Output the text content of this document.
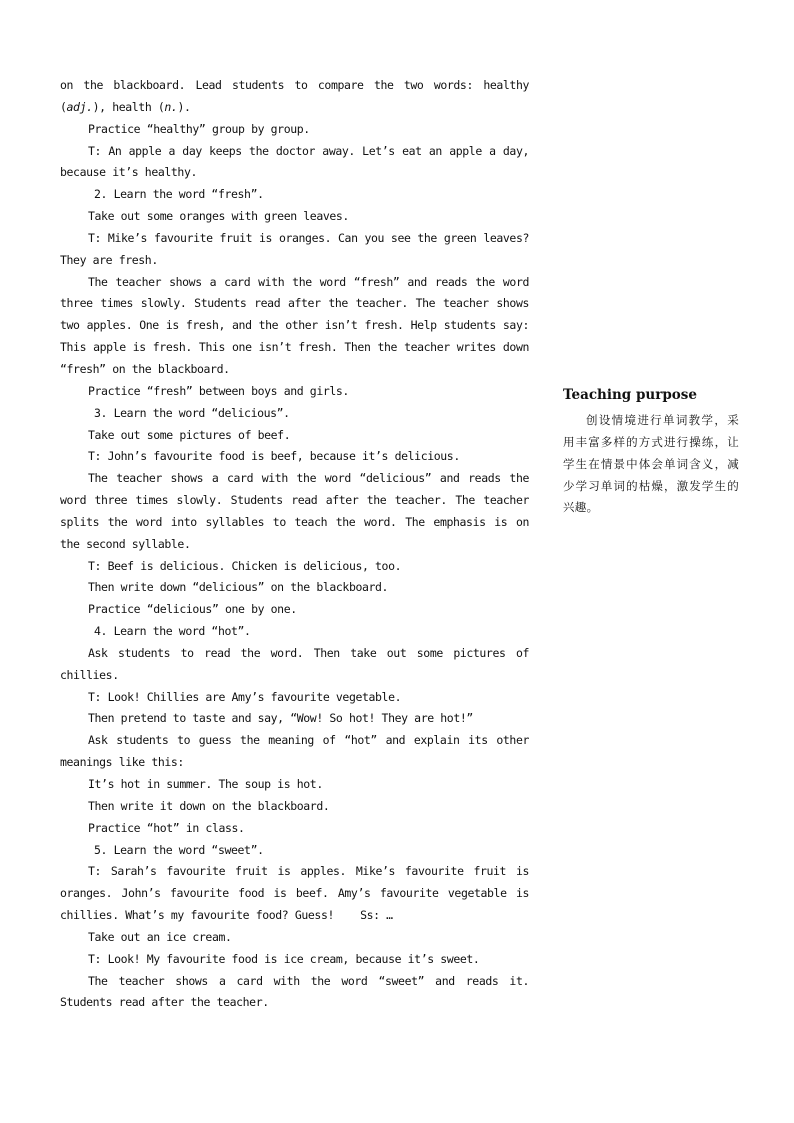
on the blackboard. Lead students to compare the two words: healthy (adj.), health (n.).

Practice “healthy” group by group.

T: An apple a day keeps the doctor away. Let’s eat an apple a day, because it’s healthy.

2. Learn the word “fresh”.

Take out some oranges with green leaves.

T: Mike’s favourite fruit is oranges. Can you see the green leaves? They are fresh.

The teacher shows a card with the word “fresh” and reads the word three times slowly. Students read after the teacher. The teacher shows two apples. One is fresh, and the other isn’t fresh. Help students say:  This apple is fresh. This one isn’t fresh. Then the teacher writes down “fresh” on the blackboard.

Practice “fresh” between boys and girls.

3. Learn the word “delicious”.

Take out some pictures of beef.

T: John’s favourite food is beef, because it’s delicious.

The teacher shows a card with the word “delicious” and reads the word three times slowly. Students read after the teacher. The teacher splits the word into syllables to teach the word. The emphasis is on the second syllable.

T: Beef is delicious. Chicken is delicious, too.

Then write down “delicious” on the blackboard.

Practice “delicious” one by one.

4. Learn the word “hot”.

Ask students to read the word. Then take out some pictures of chillies.

T: Look! Chillies are Amy’s favourite vegetable.

Then pretend to taste and say, “Wow! So hot! They are hot!”

Ask students to guess the meaning of “hot” and explain its other meanings like this:

It’s hot in summer. The soup is hot.

Then write it down on the blackboard.

Practice “hot” in class.

5. Learn the word “sweet”.

T: Sarah’s favourite fruit is apples. Mike’s favourite fruit is oranges. John’s favourite food is beef. Amy’s favourite vegetable is chillies. What’s my favourite food? Guess!    Ss: …

Take out an ice cream.

T: Look! My favourite food is ice cream, because it’s sweet.

The teacher shows a card with the word “sweet” and reads it. Students read after the teacher.

Teaching purpose

创设情境进行单词教学，采用丰富多样的方式进行操练，让学生在情景中体会单词含义，减少学习单词的枯燥，激发学生的兴趣。
